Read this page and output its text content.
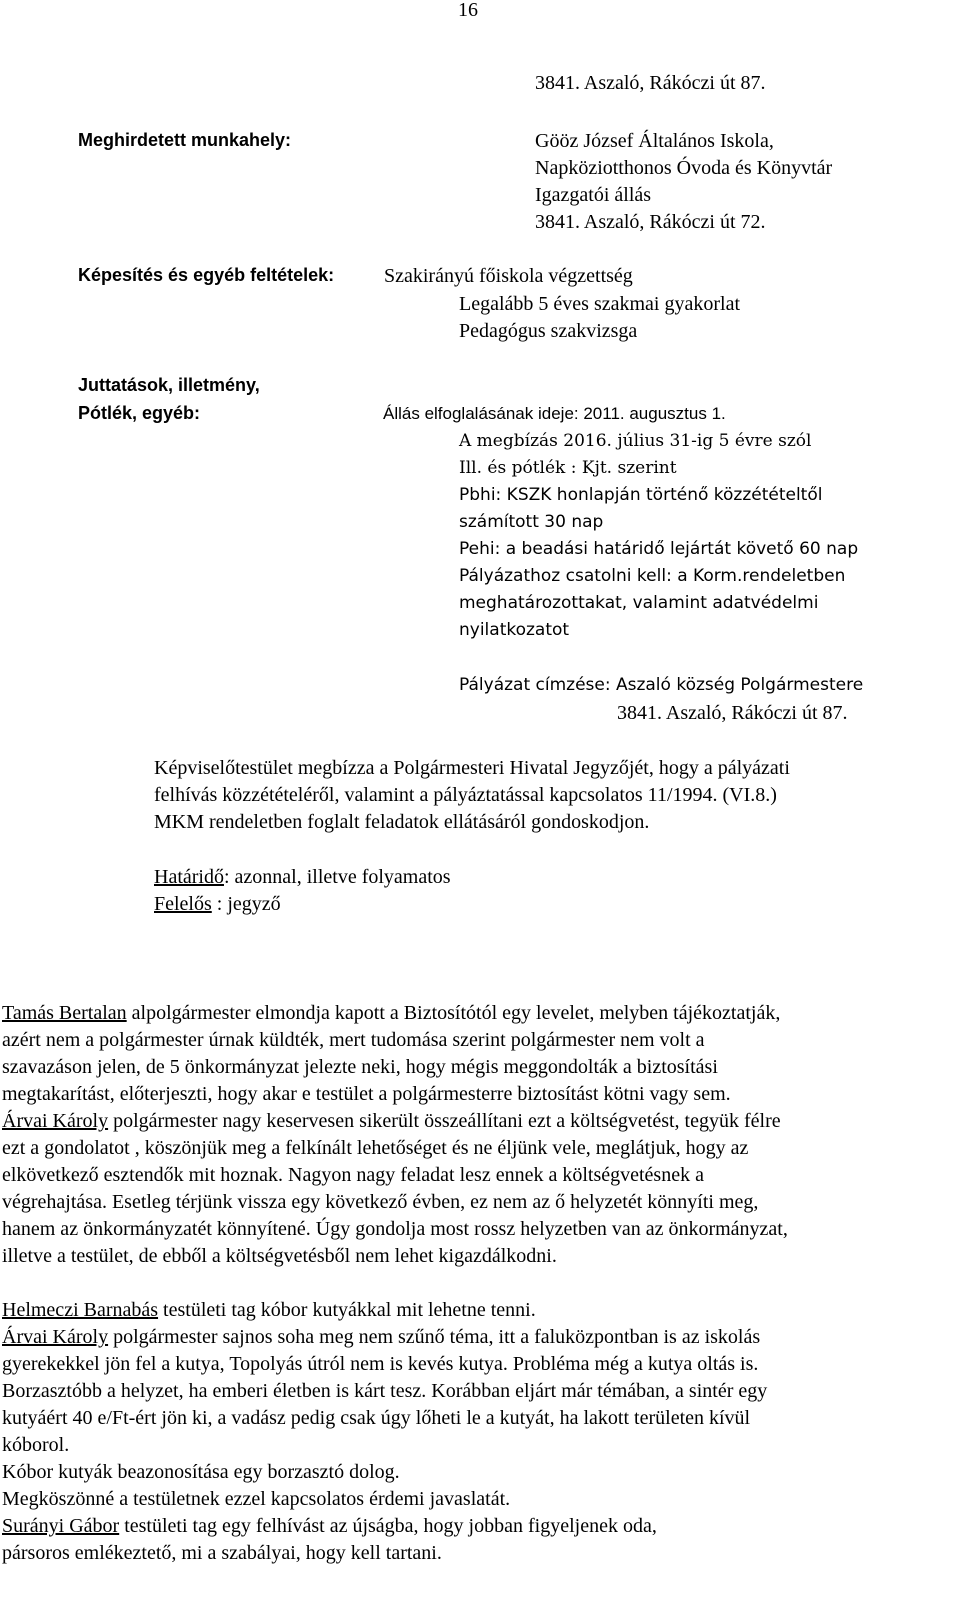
16
3841. Aszaló, Rákóczi út 87.
Meghirdetett munkahely:	Gööz József Általános Iskola,
Napköziotthonos Óvoda és Könyvtár
Igazgatói állás
3841. Aszaló, Rákóczi út 72.
Képesítés és egyéb feltételek: Szakirányú főiskola végzettség
Legalább 5 éves szakmai gyakorlat
Pedagógus szakvizsga
Juttatások, illetmény,
Pótlék, egyéb:	Állás elfoglalásának ideje: 2011. augusztus 1.
A megbízás 2016. július 31-ig 5 évre szól
Ill. és pótlék : Kjt. szerint
Pbhi: KSZK honlapján történő közzétételtől
számított 30 nap
Pehi: a beadási határidő lejártát követő 60 nap
Pályázathoz csatolni kell: a Korm.rendeletben
meghatározottakat, valamint adatvédelmi
nyilatkozatot
Pályázat címzése: Aszaló község Polgármestere
3841. Aszaló, Rákóczi út 87.
Képviselőtestület megbízza a Polgármesteri Hivatal Jegyzőjét, hogy a pályázati
felhívás közzétételéről, valamint a pályáztatással kapcsolatos 11/1994. (VI.8.)
MKM rendeletben foglalt feladatok ellátásáról gondoskodjon.
Határidő: azonnal, illetve folyamatos
Felelős : jegyző
Tamás Bertalan alpolgármester elmondja kapott a Biztosítótól egy levelet, melyben tájékoztatják,
azért nem a polgármester úrnak küldték, mert tudomása szerint polgármester nem volt a
szavazáson jelen, de 5 önkormányzat jelezte neki, hogy mégis meggondolták a biztosítási
megtakarítást, előterjeszti, hogy akar e testület a polgármesterre biztosítást kötni vagy sem.
Árvai Károly polgármester nagy keservesen sikerült összeállítani ezt a költségvetést, tegyük félre
ezt a gondolatot , köszönjük meg a felkínált lehetőséget és ne éljünk vele, meglátjuk, hogy az
elkövetkező esztendők mit hoznak. Nagyon nagy feladat lesz ennek a költségvetésnek a
végrehajtása. Esetleg térjünk vissza egy következő évben, ez nem az ő helyzetét könnyíti meg,
hanem az önkormányzatét könnyítené. Úgy gondolja most rossz helyzetben van az önkormányzat,
illetve a testület, de ebből a költségvetésből nem lehet kigazdálkodni.
Helmeczi Barnabás testületi tag kóbor kutyákkal mit lehetne tenni.
Árvai Károly polgármester sajnos soha meg nem szűnő téma, itt a faluközpontban is az iskolás
gyerekekkel jön fel a kutya, Topolyás útról nem is kevés kutya. Probléma még a kutya oltás is.
Borzasztóbb a helyzet, ha emberi életben is kárt tesz. Korábban eljárt már témában, a sintér egy
kutyáért 40 e/Ft-ért jön ki, a vadász pedig csak úgy lőheti le a kutyát, ha lakott területen kívül
kóborol.
Kóbor kutyák beazonosítása egy borzasztó dolog.
Megköszönné a testületnek ezzel kapcsolatos érdemi javaslatát.
Surányi Gábor testületi tag egy felhívást az újságba, hogy jobban figyeljenek oda,
pársoros emlékeztető, mi a szabályai, hogy kell tartani.
